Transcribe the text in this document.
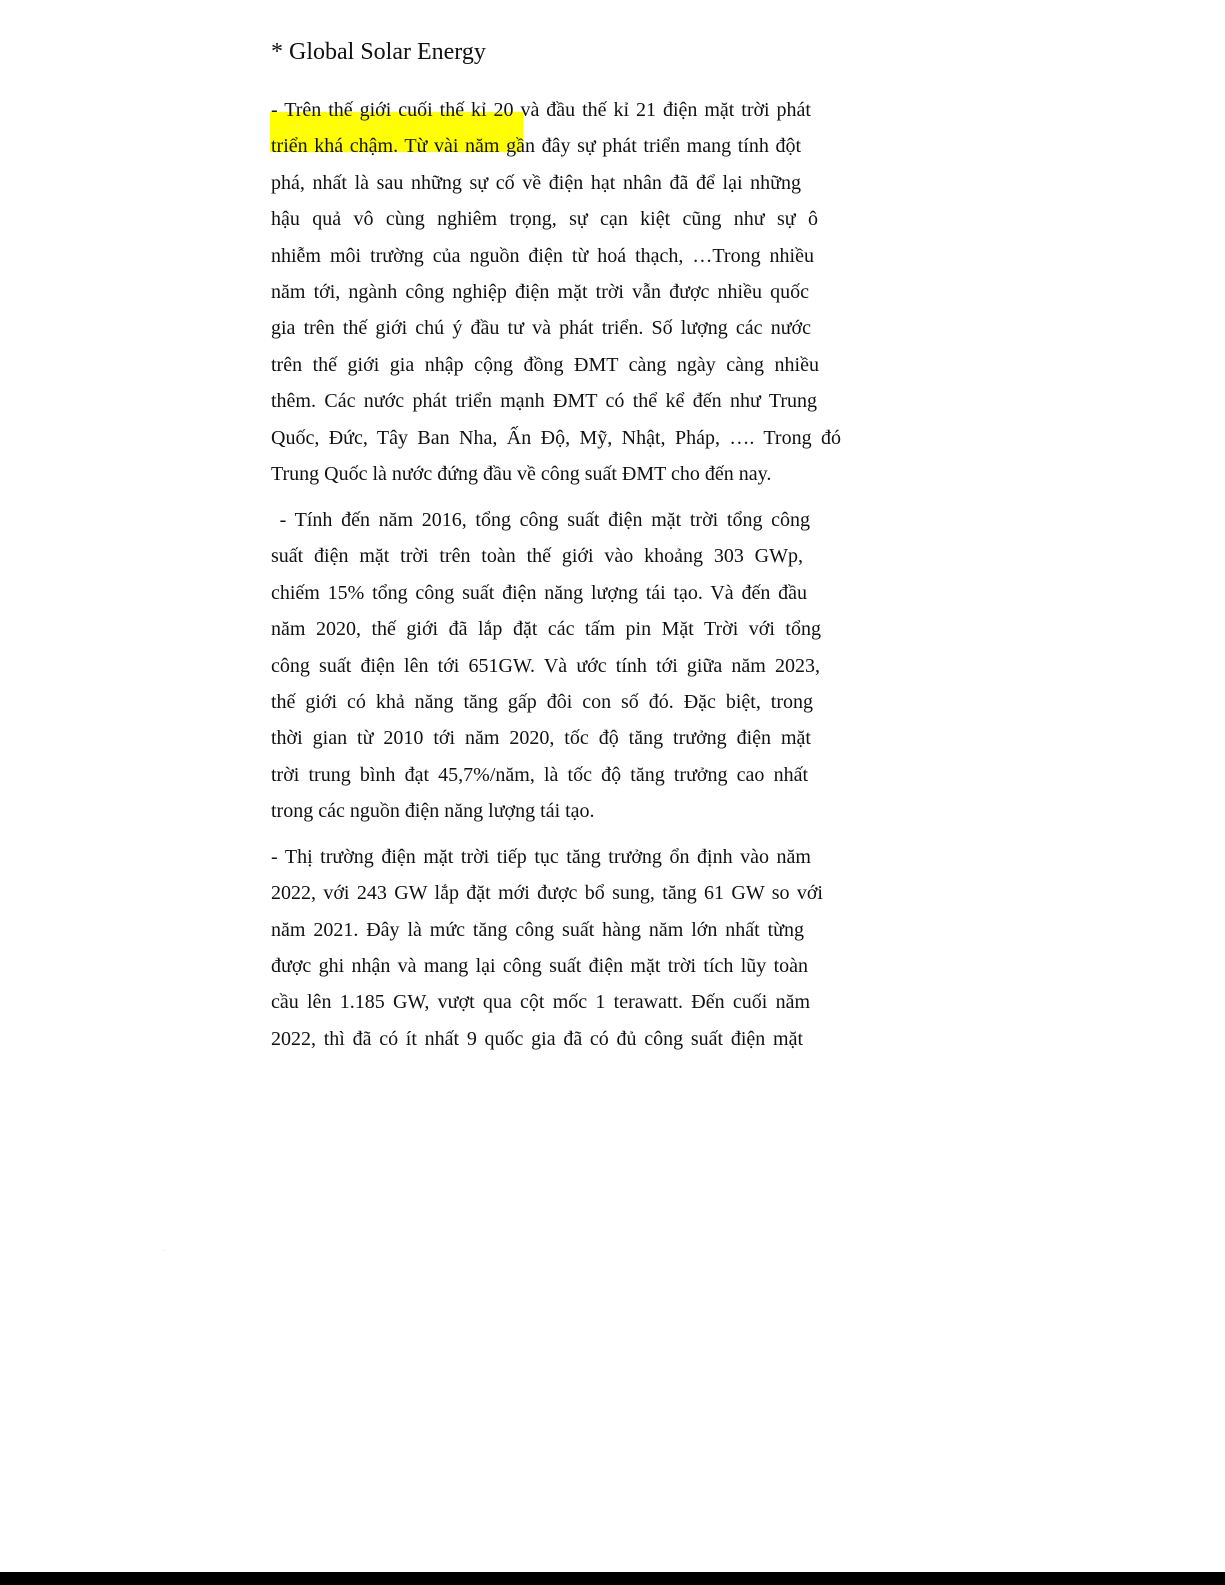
* Global Solar Energy

- Trên thế giới cuối thế kỉ 20 và đầu thế kỉ 21 điện mặt trời phát

triển khá chậm. Từ vài năm gần đây sự phát triển mang tính đột

phá, nhất là sau những sự cố về điện hạt nhân đã để lại những

hậu quả vô cùng nghiêm trọng, sự cạn kiệt cũng như sự ô

nhiễm môi trường của nguồn điện từ hoá thạch, …Trong nhiều

năm tới, ngành công nghiệp điện mặt trời vẫn được nhiều quốc

gia trên thế giới chú ý đầu tư và phát triển. Số lượng các nước

trên thế giới gia nhập cộng đồng ĐMT càng ngày càng nhiều

thêm. Các nước phát triển mạnh ĐMT có thể kể đến như Trung

Quốc, Đức, Tây Ban Nha, Ấn Độ, Mỹ, Nhật, Pháp, …. Trong đó

Trung Quốc là nước đứng đầu về công suất ĐMT cho đến nay.

- Tính đến năm 2016, tổng công suất điện mặt trời tổng công

suất điện mặt trời trên toàn thế giới vào khoảng 303 GWp,

chiếm 15% tổng công suất điện năng lượng tái tạo. Và đến đầu

năm 2020, thế giới đã lắp đặt các tấm pin Mặt Trời với tổng

công suất điện lên tới 651GW. Và ước tính tới giữa năm 2023,

thế giới có khả năng tăng gấp đôi con số đó. Đặc biệt, trong

thời gian từ 2010 tới năm 2020, tốc độ tăng trưởng điện mặt

trời trung bình đạt 45,7%/năm, là tốc độ tăng trưởng cao nhất

trong các nguồn điện năng lượng tái tạo.

- Thị trường điện mặt trời tiếp tục tăng trưởng ổn định vào năm

2022, với 243 GW lắp đặt mới được bổ sung, tăng 61 GW so với

năm 2021. Đây là mức tăng công suất hàng năm lớn nhất từng

được ghi nhận và mang lại công suất điện mặt trời tích lũy toàn

cầu lên 1.185 GW, vượt qua cột mốc 1 terawatt. Đến cuối năm

2022, thì đã có ít nhất 9 quốc gia đã có đủ công suất điện mặt
